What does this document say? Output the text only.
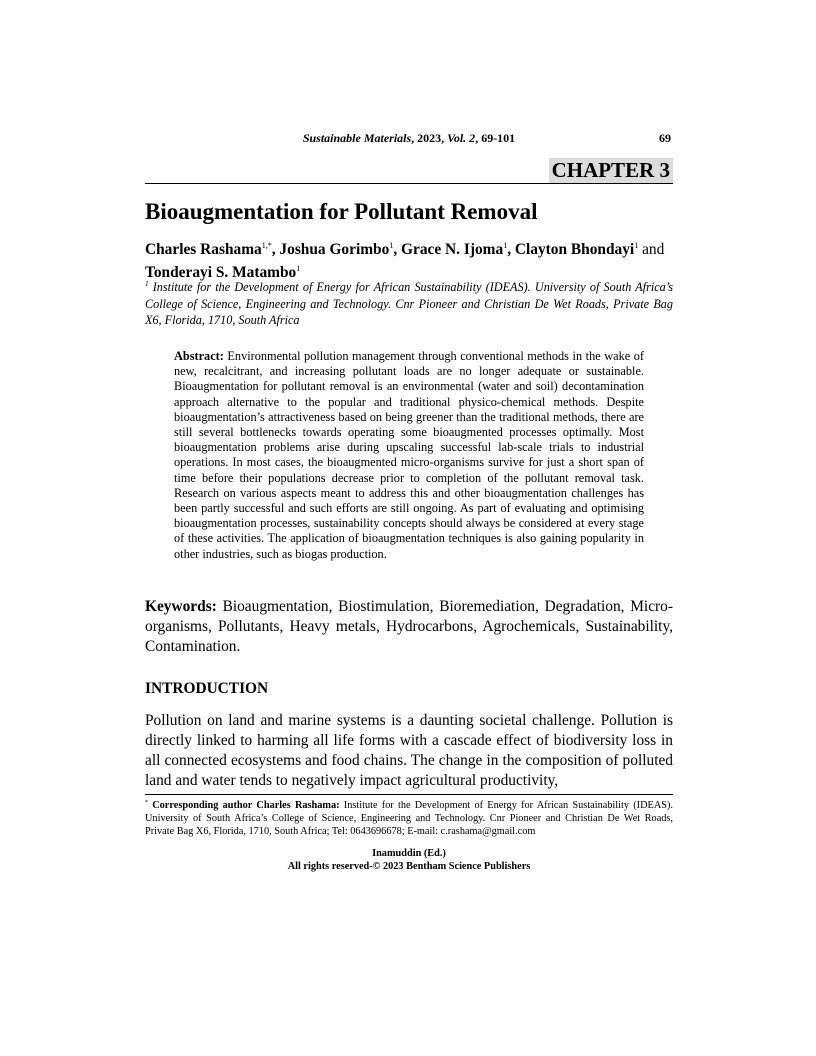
Sustainable Materials, 2023, Vol. 2, 69-101	69
CHAPTER 3
Bioaugmentation for Pollutant Removal
Charles Rashama$^{1,*}$, Joshua Gorimbo$^1$, Grace N. Ijoma$^1$, Clayton Bhondayi$^1$ and Tonderayi S. Matambo$^1$
$^1$ Institute for the Development of Energy for African Sustainability (IDEAS). University of South Africa’s College of Science, Engineering and Technology. Cnr Pioneer and Christian De Wet Roads, Private Bag X6, Florida, 1710, South Africa
Abstract: Environmental pollution management through conventional methods in the wake of new, recalcitrant, and increasing pollutant loads are no longer adequate or sustainable. Bioaugmentation for pollutant removal is an environmental (water and soil) decontamination approach alternative to the popular and traditional physico-chemical methods. Despite bioaugmentation’s attractiveness based on being greener than the traditional methods, there are still several bottlenecks towards operating some bioaugmented processes optimally. Most bioaugmentation problems arise during upscaling successful lab-scale trials to industrial operations. In most cases, the bioaugmented micro-organisms survive for just a short span of time before their populations decrease prior to completion of the pollutant removal task. Research on various aspects meant to address this and other bioaugmentation challenges has been partly successful and such efforts are still ongoing. As part of evaluating and optimising bioaugmentation processes, sustainability concepts should always be considered at every stage of these activities. The application of bioaugmentation techniques is also gaining popularity in other industries, such as biogas production.
Keywords: Bioaugmentation, Biostimulation, Bioremediation, Degradation, Micro-organisms, Pollutants, Heavy metals, Hydrocarbons, Agrochemicals, Sustainability, Contamination.
INTRODUCTION

Pollution on land and marine systems is a daunting societal challenge. Pollution is directly linked to harming all life forms with a cascade effect of biodiversity loss in all connected ecosystems and food chains. The change in the composition of polluted land and water tends to negatively impact agricultural productivity,

* Corresponding author Charles Rashama: Institute for the Development of Energy for African Sustainability (IDEAS). University of South Africa’s College of Science, Engineering and Technology. Cnr Pioneer and Christian De Wet Roads, Private Bag X6, Florida, 1710, South Africa; Tel: 0643696678; E-mail: c.rashama@gmail.com
Inamuddin (Ed.)
All rights reserved-© 2023 Bentham Science Publishers
